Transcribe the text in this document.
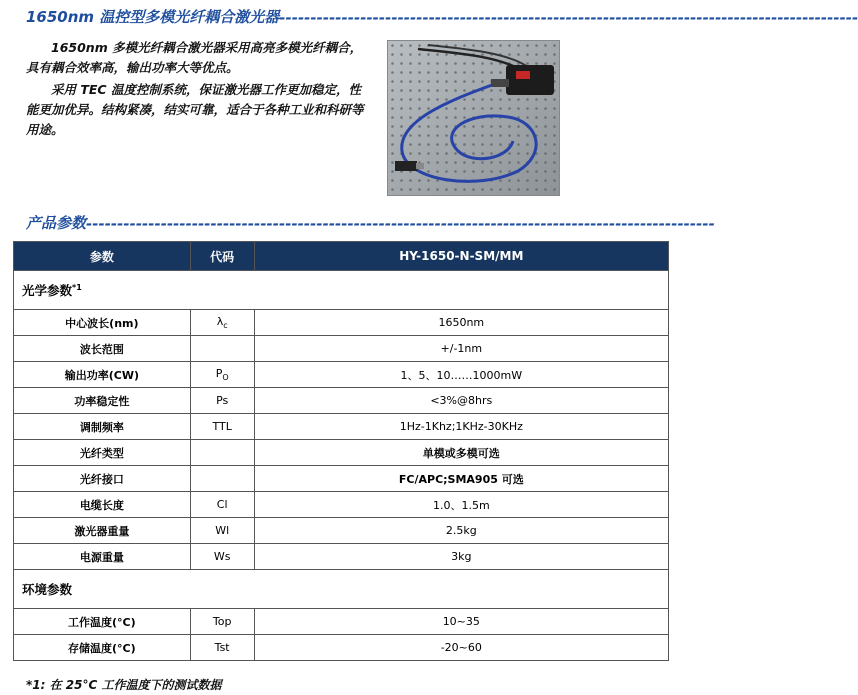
1650nm 温控型多模光纤耦合激光器---------------------------------------------------------------------------------------------

1650nm 多模光纤耦合激光器采用高亮多模光纤耦合，具有耦合效率高，输出功率大等优点。

采用 TEC 温度控制系统，保证激光器工作更加稳定，性能更加优异。结构紧凑，结实可靠，适合于各种工业和科研等用途。

产品参数-----------------------------------------------------------------------------------------------------
参数	代码	HY-1650-N-SM/MM
光学参数$^{*1}$
中心波长(nm)	$\lambda_c$	1650nm
波长范围		+/-1nm
输出功率(CW)	$P_O$	1、5、10……1000mW
功率稳定性	Ps	<3%@8hrs
调制频率	TTL	1Hz-1Khz;1KHz-30KHz
光纤类型		单模或多模可选
光纤接口		FC/APC;SMA905 可选
电缆长度	Cl	1.0、1.5m
激光器重量	Wl	2.5kg
电源重量	Ws	3kg
环境参数		
工作温度(°C)	Top	10~35
存储温度(°C)	Tst	-20~60
*1: 在 25°C 工作温度下的测试数据
